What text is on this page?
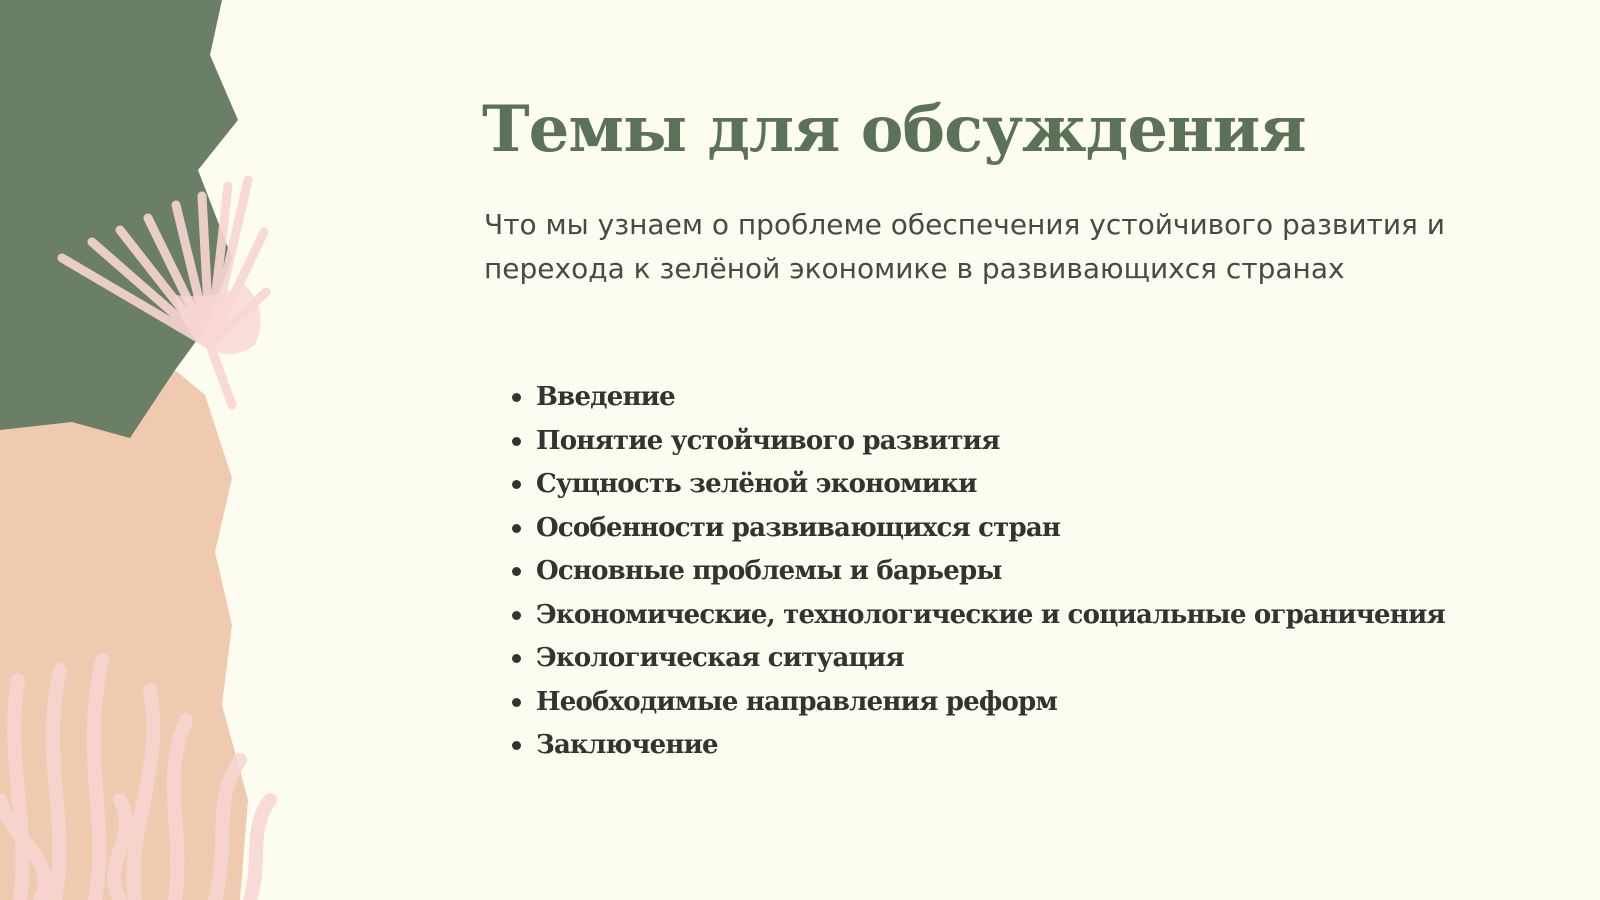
Темы для обсуждения

Что мы узнаем о проблеме обеспечения устойчивого развития и перехода к зелёной экономике в развивающихся странах

Введение
Понятие устойчивого развития
Сущность зелёной экономики
Особенности развивающихся стран
Основные проблемы и барьеры
Экономические, технологические и социальные ограничения
Экологическая ситуация
Необходимые направления реформ
Заключение
